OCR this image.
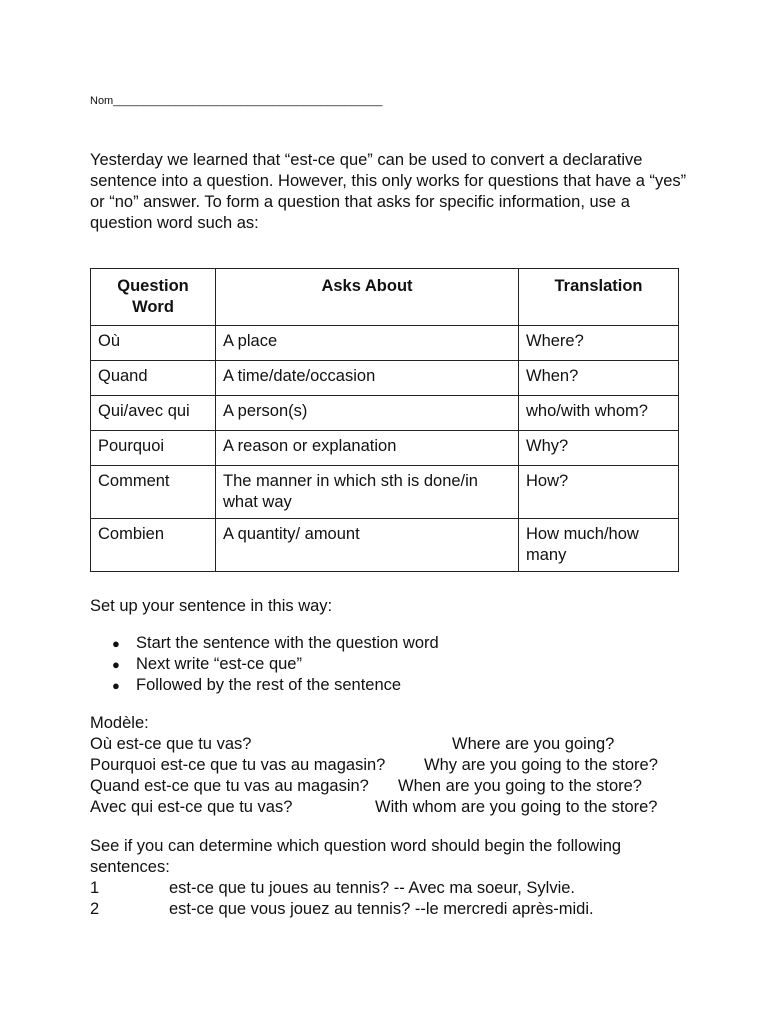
Nom____________________________________________

Yesterday we learned that “est-ce que” can be used to convert a declarative sentence into a question. However, this only works for questions that have a “yes” or “no” answer. To form a question that asks for specific information, use a question word such as:

Question Word	Asks About	Translation
Où	A place	Where?
Quand	A time/date/occasion	When?
Qui/avec qui	A person(s)	who/with whom?
Pourquoi	A reason or explanation	Why?
Comment	The manner in which sth is done/in what way	How?
Combien	A quantity/ amount	How much/how many

Set up your sentence in this way:

● Start the sentence with the question word
● Next write “est-ce que”
● Followed by the rest of the sentence
Modèle:
Où est-ce que tu vas?	Where are you going?
Pourquoi est-ce que tu vas au magasin? Why are you going to the store?
Quand est-ce que tu vas au magasin? When are you going to the store?
Avec qui est-ce que tu vas?	With whom are you going to the store?

See if you can determine which question word should begin the following sentences:

1	est-ce que tu joues au tennis? -- Avec ma soeur, Sylvie.
2	est-ce que vous jouez au tennis? --le mercredi après-midi.
